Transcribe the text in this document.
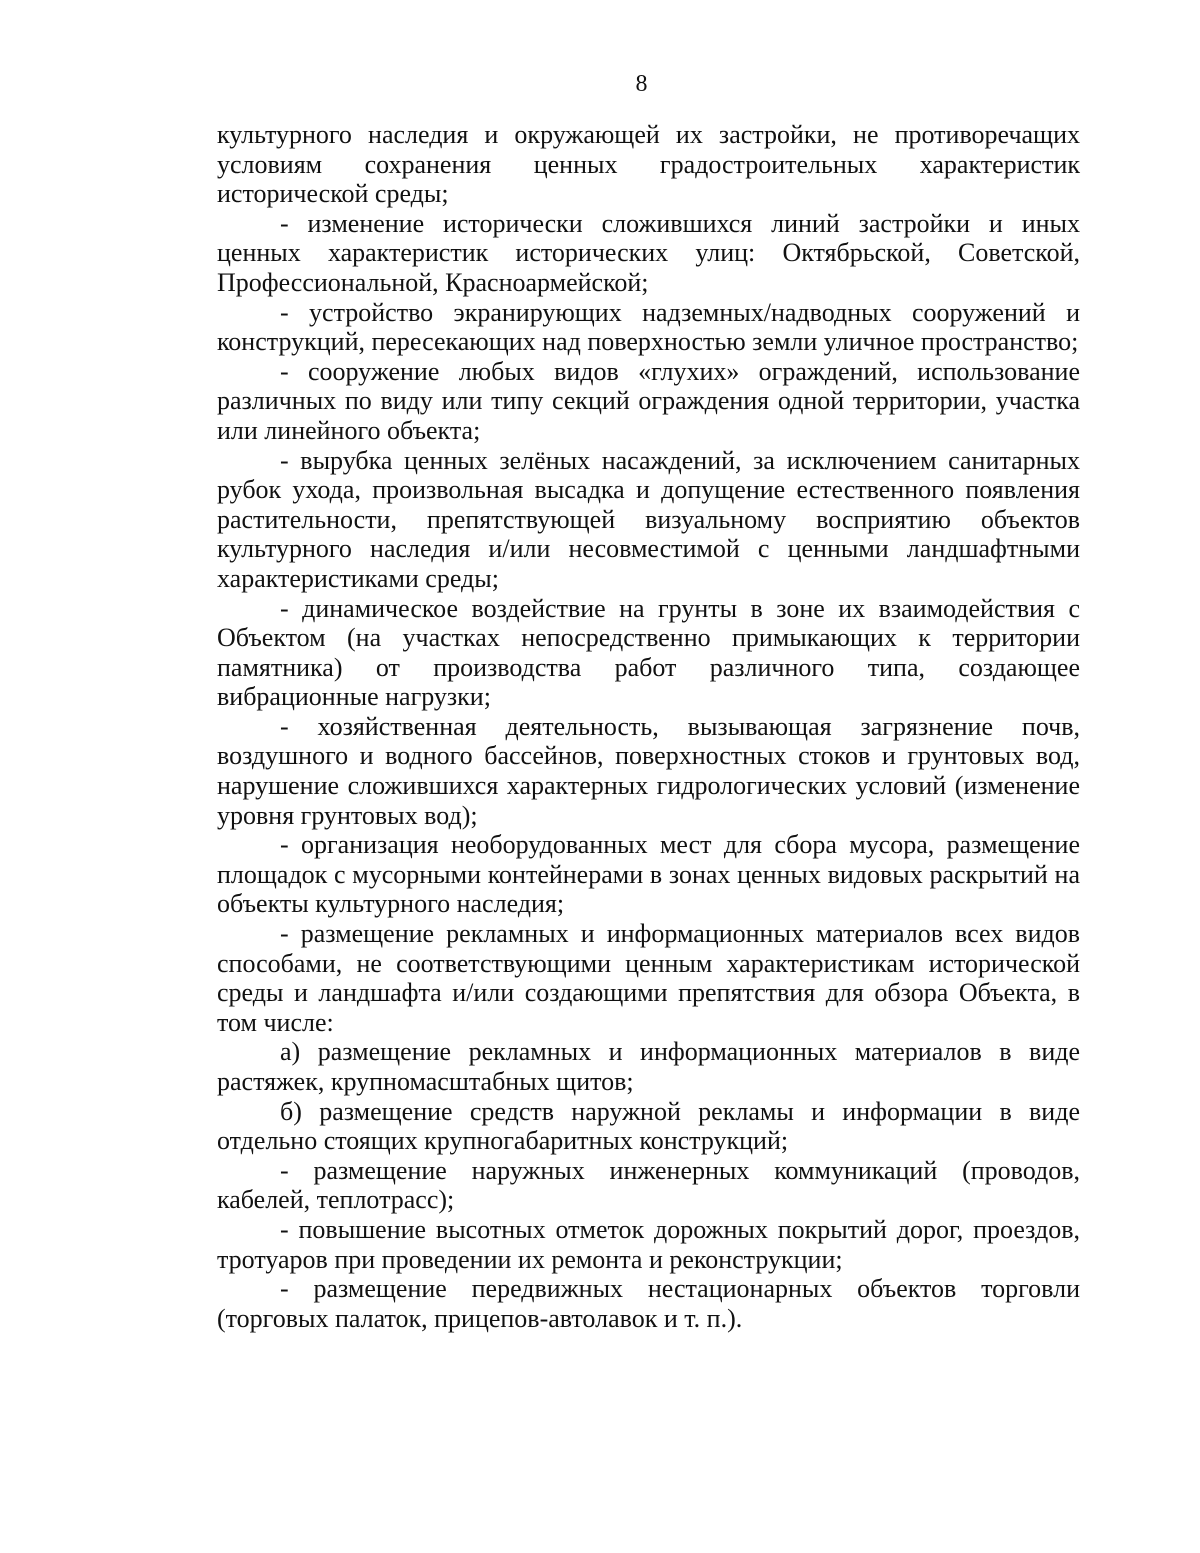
8

культурного наследия и окружающей их застройки, не противоречащих условиям сохранения ценных градостроительных характеристик исторической среды;

- изменение исторически сложившихся линий застройки и иных ценных характеристик исторических улиц: Октябрьской, Советской, Профессиональной, Красноармейской;

- устройство экранирующих надземных/надводных сооружений и конструкций, пересекающих над поверхностью земли уличное пространство;

- сооружение любых видов «глухих» ограждений, использование различных по виду или типу секций ограждения одной территории, участка или линейного объекта;

- вырубка ценных зелёных насаждений, за исключением санитарных рубок ухода, произвольная высадка и допущение естественного появления растительности, препятствующей визуальному восприятию объектов культурного наследия и/или несовместимой с ценными ландшафтными характеристиками среды;

- динамическое воздействие на грунты в зоне их взаимодействия с Объектом (на участках непосредственно примыкающих к территории памятника) от производства работ различного типа, создающее вибрационные нагрузки;

- хозяйственная деятельность, вызывающая загрязнение почв, воздушного и водного бассейнов, поверхностных стоков и грунтовых вод, нарушение сложившихся характерных гидрологических условий (изменение уровня грунтовых вод);

- организация необорудованных мест для сбора мусора, размещение площадок с мусорными контейнерами в зонах ценных видовых раскрытий на объекты культурного наследия;

- размещение рекламных и информационных материалов всех видов способами, не соответствующими ценным характеристикам исторической среды и ландшафта и/или создающими препятствия для обзора Объекта, в том числе:

а) размещение рекламных и информационных материалов в виде растяжек, крупномасштабных щитов;

б) размещение средств наружной рекламы и информации в виде отдельно стоящих крупногабаритных конструкций;

- размещение наружных инженерных коммуникаций (проводов, кабелей, теплотрасс);

- повышение высотных отметок дорожных покрытий дорог, проездов, тротуаров при проведении их ремонта и реконструкции;

- размещение передвижных нестационарных объектов торговли (торговых палаток, прицепов-автолавок и т. п.).
